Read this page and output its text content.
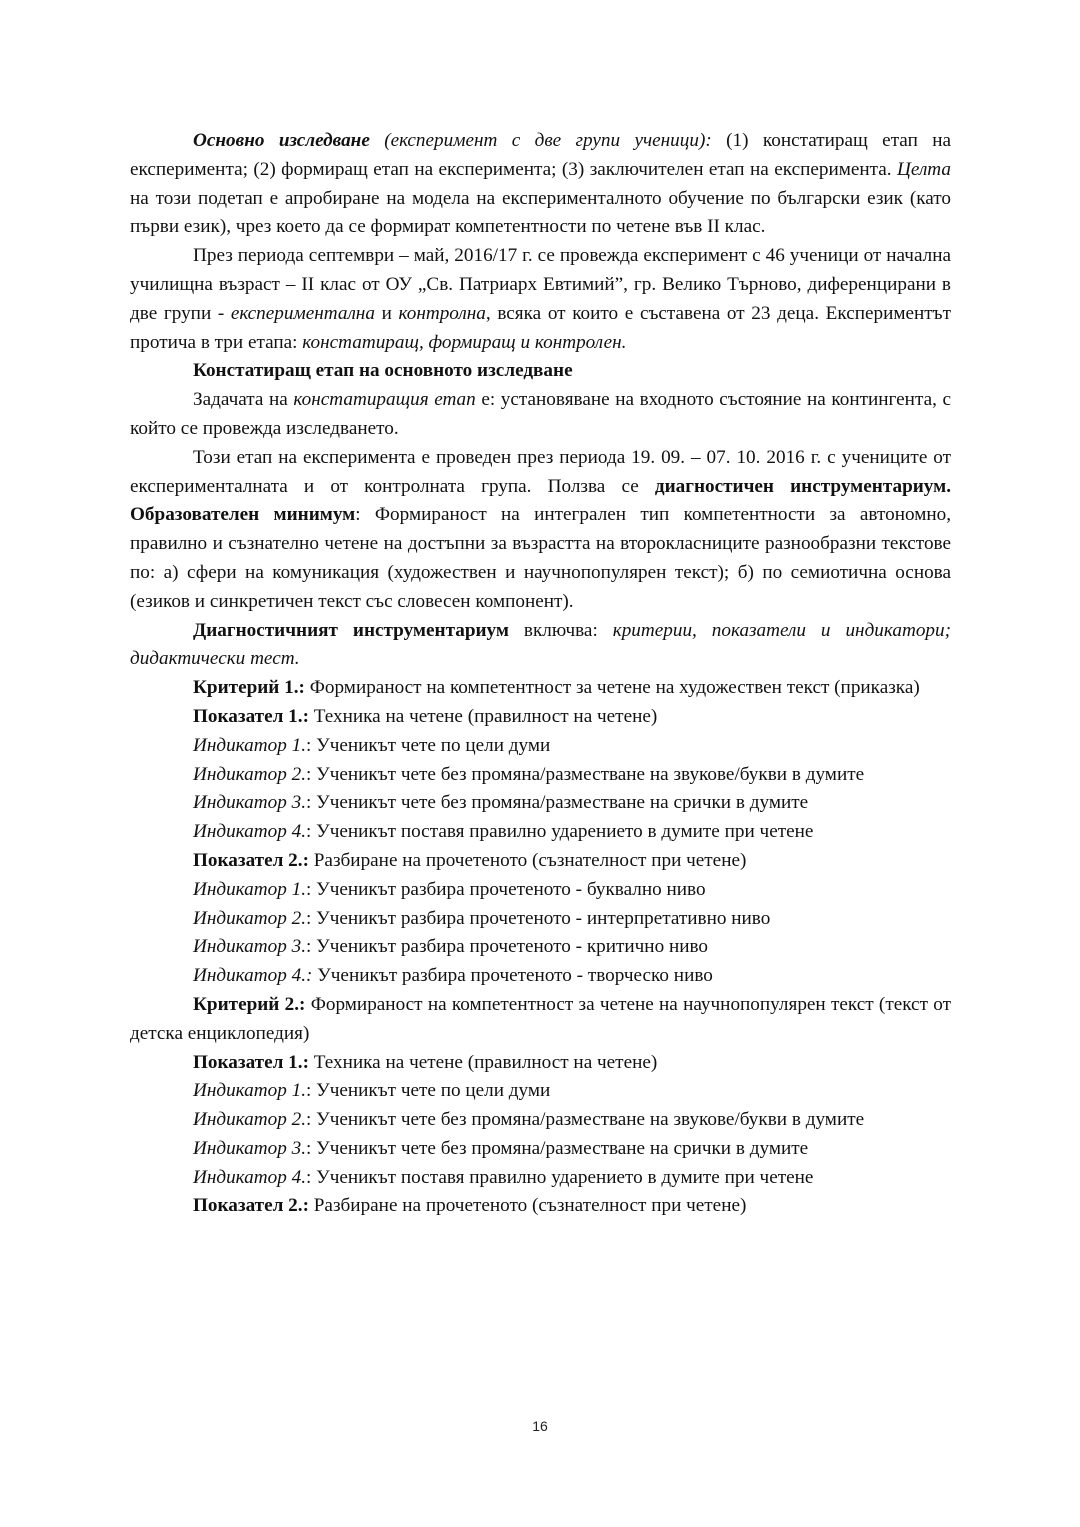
Основно изследване (експеримент с две групи ученици): (1) констатиращ етап на експеримента; (2) формиращ етап на експеримента; (3) заключителен етап на експеримента. Целта на този подетап е апробиране на модела на експерименталното обучение по български език (като първи език), чрез което да се формират компетентности по четене във II клас.

През периода септември – май, 2016/17 г. се провежда експеримент с 46 ученици от начална училищна възраст – II клас от ОУ „Св. Патриарх Евтимий”, гр. Велико Търново, диференцирани в две групи - експериментална и контролна, всяка от които е съставена от 23 деца. Експериментът протича в три етапа: констатиращ, формиращ и контролен.

Констатиращ етап на основното изследване

Задачата на констатиращия етап е: установяване на входното състояние на контингента, с който се провежда изследването.

Този етап на експеримента е проведен през периода 19. 09. – 07. 10. 2016 г. с учениците от експерименталната и от контролната група. Ползва се диагностичен инструментариум. Образователен минимум: Формираност на интегрален тип компетентности за автономно, правилно и съзнателно четене на достъпни за възрастта на второкласниците разнообразни текстове по: а) сфери на комуникация (художествен и научнопопулярен текст); б) по семиотична основа (езиков и синкретичен текст със словесен компонент).

Диагностичният инструментариум включва: критерии, показатели и индикатори; дидактически тест.

Критерий 1.: Формираност на компетентност за четене на художествен текст (приказка)

Показател 1.: Техника на четене (правилност на четене)

Индикатор 1.: Ученикът чете по цели думи

Индикатор 2.: Ученикът чете без промяна/разместване на звукове/букви в думите

Индикатор 3.: Ученикът чете без промяна/разместване на срички в думите

Индикатор 4.: Ученикът поставя правилно ударението в думите при четене

Показател 2.: Разбиране на прочетеното (съзнателност при четене)

Индикатор 1.: Ученикът разбира прочетеното - буквално ниво

Индикатор 2.: Ученикът разбира прочетеното - интерпретативно ниво

Индикатор 3.: Ученикът разбира прочетеното - критично ниво

Индикатор 4.: Ученикът разбира прочетеното - творческо ниво

Критерий 2.: Формираност на компетентност за четене на научнопопулярен текст (текст от детска енциклопедия)

Показател 1.: Техника на четене (правилност на четене)

Индикатор 1.: Ученикът чете по цели думи

Индикатор 2.: Ученикът чете без промяна/разместване на звукове/букви в думите

Индикатор 3.: Ученикът чете без промяна/разместване на срички в думите

Индикатор 4.: Ученикът поставя правилно ударението в думите при четене

Показател 2.: Разбиране на прочетеното (съзнателност при четене)

16
